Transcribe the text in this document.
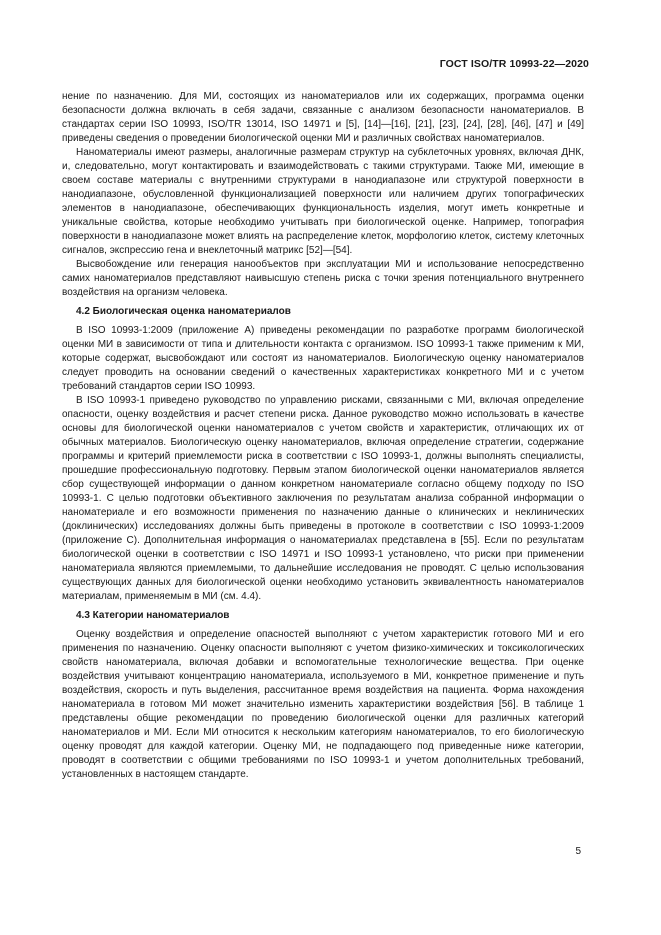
ГОСТ ISO/TR 10993-22—2020

нение по назначению. Для МИ, состоящих из наноматериалов или их содержащих, программа оценки безопасности должна включать в себя задачи, связанные с анализом безопасности наноматериалов. В стандартах серии ISO 10993, ISO/TR 13014, ISO 14971 и [5], [14]—[16], [21], [23], [24], [28], [46], [47] и [49] приведены сведения о проведении биологической оценки МИ и различных свойствах наноматериалов.

Наноматериалы имеют размеры, аналогичные размерам структур на субклеточных уровнях, включая ДНК, и, следовательно, могут контактировать и взаимодействовать с такими структурами. Также МИ, имеющие в своем составе материалы с внутренними структурами в нанодиапазоне или структурой поверхности в нанодиапазоне, обусловленной функционализацией поверхности или наличием других топографических элементов в нанодиапазоне, обеспечивающих функциональность изделия, могут иметь конкретные и уникальные свойства, которые необходимо учитывать при биологической оценке. Например, топография поверхности в нанодиапазоне может влиять на распределение клеток, морфологию клеток, систему клеточных сигналов, экспрессию гена и внеклеточный матрикс [52]—[54].

Высвобождение или генерация нанообъектов при эксплуатации МИ и использование непосредственно самих наноматериалов представляют наивысшую степень риска с точки зрения потенциального внутреннего воздействия на организм человека.

4.2 Биологическая оценка наноматериалов

В ISO 10993-1:2009 (приложение А) приведены рекомендации по разработке программ биологической оценки МИ в зависимости от типа и длительности контакта с организмом. ISO 10993-1 также применим к МИ, которые содержат, высвобождают или состоят из наноматериалов. Биологическую оценку наноматериалов следует проводить на основании сведений о качественных характеристиках конкретного МИ и с учетом требований стандартов серии ISO 10993.

В ISO 10993-1 приведено руководство по управлению рисками, связанными с МИ, включая определение опасности, оценку воздействия и расчет степени риска. Данное руководство можно использовать в качестве основы для биологической оценки наноматериалов с учетом свойств и характеристик, отличающих их от обычных материалов. Биологическую оценку наноматериалов, включая определение стратегии, содержание программы и критерий приемлемости риска в соответствии с ISO 10993-1, должны выполнять специалисты, прошедшие профессиональную подготовку. Первым этапом биологической оценки наноматериалов является сбор существующей информации о данном конкретном наноматериале согласно общему подходу по ISO 10993-1. С целью подготовки объективного заключения по результатам анализа собранной информации о наноматериале и его возможности применения по назначению данные о клинических и неклинических (доклинических) исследованиях должны быть приведены в протоколе в соответствии с ISO 10993-1:2009 (приложение С). Дополнительная информация о наноматериалах представлена в [55]. Если по результатам биологической оценки в соответствии с ISO 14971 и ISO 10993-1 установлено, что риски при применении наноматериала являются приемлемыми, то дальнейшие исследования не проводят. С целью использования существующих данных для биологической оценки необходимо установить эквивалентность наноматериалов материалам, применяемым в МИ (см. 4.4).

4.3 Категории наноматериалов

Оценку воздействия и определение опасностей выполняют с учетом характеристик готового МИ и его применения по назначению. Оценку опасности выполняют с учетом физико-химических и токсикологических свойств наноматериала, включая добавки и вспомогательные технологические вещества. При оценке воздействия учитывают концентрацию наноматериала, используемого в МИ, конкретное применение и путь воздействия, скорость и путь выделения, рассчитанное время воздействия на пациента. Форма нахождения наноматериала в готовом МИ может значительно изменить характеристики воздействия [56]. В таблице 1 представлены общие рекомендации по проведению биологической оценки для различных категорий наноматериалов и МИ. Если МИ относится к нескольким категориям наноматериалов, то его биологическую оценку проводят для каждой категории. Оценку МИ, не подпадающего под приведенные ниже категории, проводят в соответствии с общими требованиями по ISO 10993-1 и учетом дополнительных требований, установленных в настоящем стандарте.

5
